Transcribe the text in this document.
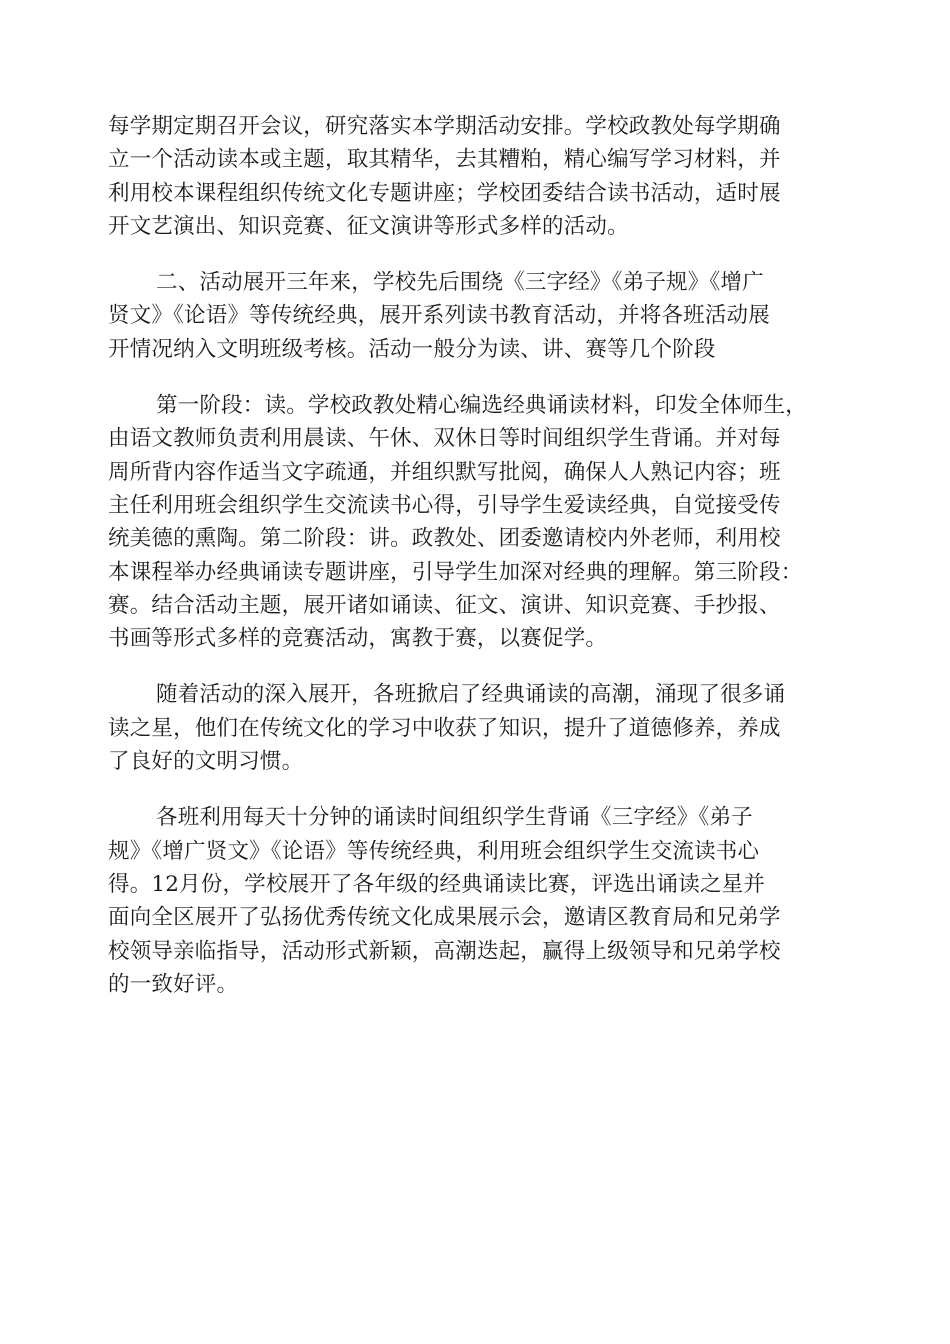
每学期定期召开会议，研究落实本学期活动安排。学校政教处每学期确
立一个活动读本或主题，取其精华，去其糟粕，精心编写学习材料，并
利用校本课程组织传统文化专题讲座；学校团委结合读书活动，适时展
开文艺演出、知识竞赛、征文演讲等形式多样的活动。

二、活动展开三年来，学校先后围绕《三字经》《弟子规》《增广
贤文》《论语》等传统经典，展开系列读书教育活动，并将各班活动展
开情况纳入文明班级考核。活动一般分为读、讲、赛等几个阶段

第一阶段：读。学校政教处精心编选经典诵读材料，印发全体师生，
由语文教师负责利用晨读、午休、双休日等时间组织学生背诵。并对每
周所背内容作适当文字疏通，并组织默写批阅，确保人人熟记内容；班
主任利用班会组织学生交流读书心得，引导学生爱读经典，自觉接受传
统美德的熏陶。第二阶段：讲。政教处、团委邀请校内外老师，利用校
本课程举办经典诵读专题讲座，引导学生加深对经典的理解。第三阶段：
赛。结合活动主题，展开诸如诵读、征文、演讲、知识竞赛、手抄报、
书画等形式多样的竞赛活动，寓教于赛，以赛促学。

随着活动的深入展开，各班掀启了经典诵读的高潮，涌现了很多诵
读之星，他们在传统文化的学习中收获了知识，提升了道德修养，养成
了良好的文明习惯。

各班利用每天十分钟的诵读时间组织学生背诵《三字经》《弟子
规》《增广贤文》《论语》等传统经典，利用班会组织学生交流读书心
得。12月份，学校展开了各年级的经典诵读比赛，评选出诵读之星并
面向全区展开了弘扬优秀传统文化成果展示会，邀请区教育局和兄弟学
校领导亲临指导，活动形式新颖，高潮迭起，赢得上级领导和兄弟学校
的一致好评。
